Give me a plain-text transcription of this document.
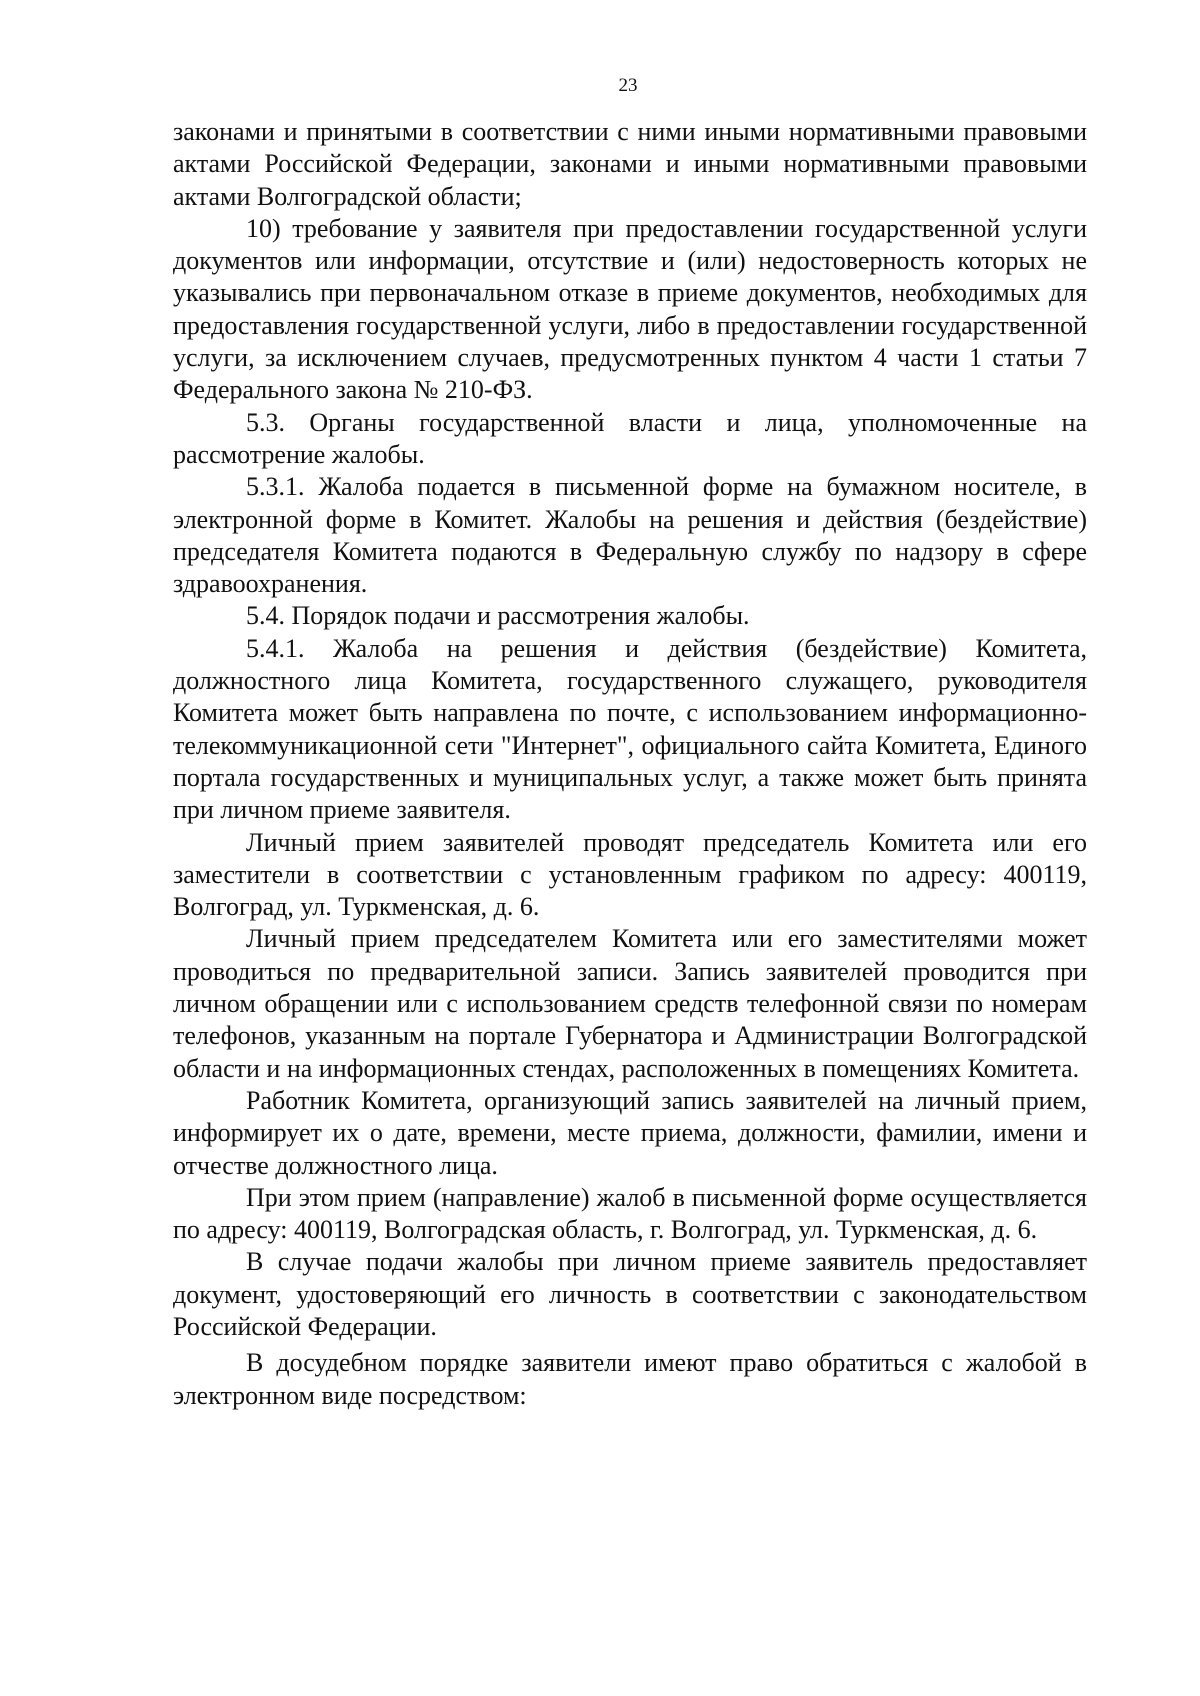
23

законами и принятыми в соответствии с ними иными нормативными правовыми актами Российской Федерации, законами и иными нормативными правовыми актами Волгоградской области;

10) требование у заявителя при предоставлении государственной услуги документов или информации, отсутствие и (или) недостоверность которых не указывались при первоначальном отказе в приеме документов, необходимых для предоставления государственной услуги, либо в предоставлении государственной услуги, за исключением случаев, предусмотренных пунктом 4 части 1 статьи 7 Федерального закона № 210-ФЗ.

5.3. Органы государственной власти и лица, уполномоченные на рассмотрение жалобы.

5.3.1. Жалоба подается в письменной форме на бумажном носителе, в электронной форме в Комитет. Жалобы на решения и действия (бездействие) председателя Комитета подаются в Федеральную службу по надзору в сфере здравоохранения.

5.4. Порядок подачи и рассмотрения жалобы.

5.4.1. Жалоба на решения и действия (бездействие) Комитета, должностного лица Комитета, государственного служащего, руководителя Комитета может быть направлена по почте, с использованием информационно-телекоммуникационной сети "Интернет", официального сайта Комитета, Единого портала государственных и муниципальных услуг, а также может быть принята при личном приеме заявителя.

Личный прием заявителей проводят председатель Комитета или его заместители в соответствии с установленным графиком по адресу: 400119, Волгоград, ул. Туркменская, д. 6.

Личный прием председателем Комитета или его заместителями может проводиться по предварительной записи. Запись заявителей проводится при личном обращении или с использованием средств телефонной связи по номерам телефонов, указанным на портале Губернатора и Администрации Волгоградской области и на информационных стендах, расположенных в помещениях Комитета.

Работник Комитета, организующий запись заявителей на личный прием, информирует их о дате, времени, месте приема, должности, фамилии, имени и отчестве должностного лица.

При этом прием (направление) жалоб в письменной форме осуществляется по адресу: 400119, Волгоградская область, г. Волгоград, ул. Туркменская, д. 6.

В случае подачи жалобы при личном приеме заявитель предоставляет документ, удостоверяющий его личность в соответствии с законодательством Российской Федерации.

В досудебном порядке заявители имеют право обратиться с жалобой в электронном виде посредством:
